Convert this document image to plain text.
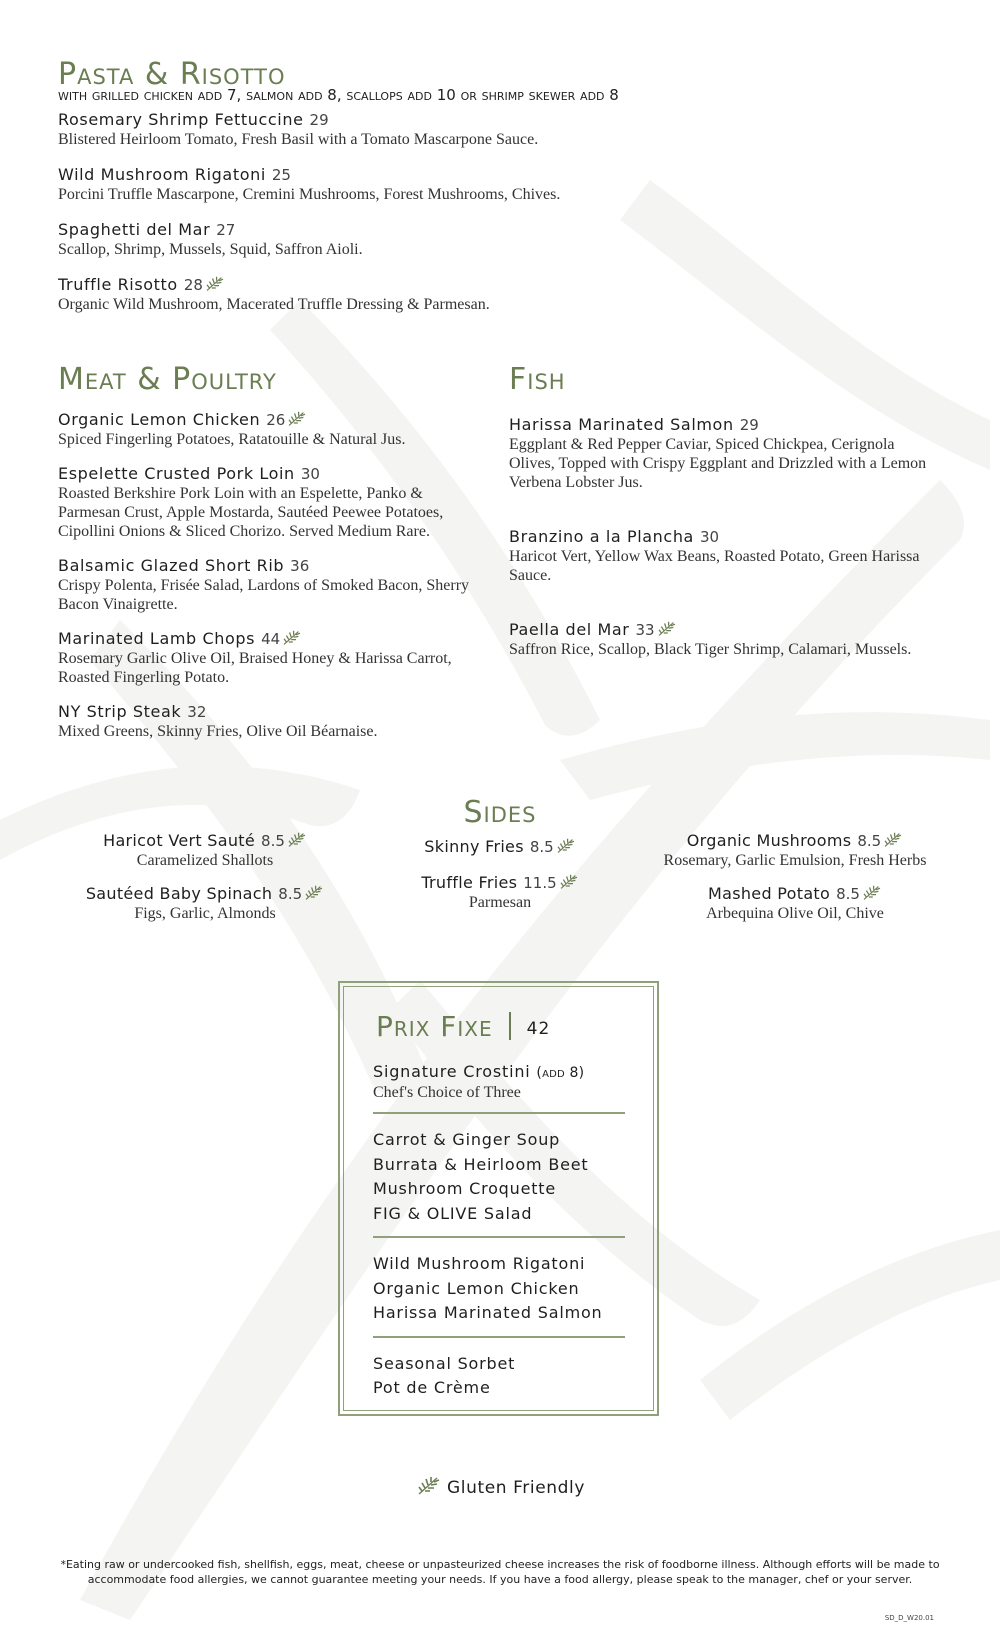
Pasta & Risotto

with grilled chicken add 7, salmon add 8, scallops add 10 or shrimp skewer add 8

Rosemary Shrimp Fettuccine 29
Blistered Heirloom Tomato, Fresh Basil with a Tomato Mascarpone Sauce.
Wild Mushroom Rigatoni 25
Porcini Truffle Mascarpone, Cremini Mushrooms, Forest Mushrooms, Chives.
Spaghetti del Mar 27
Scallop, Shrimp, Mussels, Squid, Saffron Aioli.
Truffle Risotto 28
Organic Wild Mushroom, Macerated Truffle Dressing & Parmesan.
Meat & Poultry
Organic Lemon Chicken 26
Spiced Fingerling Potatoes, Ratatouille & Natural Jus.
Espelette Crusted Pork Loin 30
Roasted Berkshire Pork Loin with an Espelette, Panko & Parmesan Crust, Apple Mostarda, Sautéed Peewee Potatoes, Cipollini Onions & Sliced Chorizo. Served Medium Rare.
Balsamic Glazed Short Rib 36
Crispy Polenta, Frisée Salad, Lardons of Smoked Bacon, Sherry Bacon Vinaigrette.
Marinated Lamb Chops 44
Rosemary Garlic Olive Oil, Braised Honey & Harissa Carrot, Roasted Fingerling Potato.
NY Strip Steak 32
Mixed Greens, Skinny Fries, Olive Oil Béarnaise.
Fish
Harissa Marinated Salmon 29
Eggplant & Red Pepper Caviar, Spiced Chickpea, Cerignola Olives, Topped with Crispy Eggplant and Drizzled with a Lemon Verbena Lobster Jus.
Branzino a la Plancha 30
Haricot Vert, Yellow Wax Beans, Roasted Potato, Green Harissa Sauce.
Paella del Mar 33
Saffron Rice, Scallop, Black Tiger Shrimp, Calamari, Mussels.
Sides
Haricot Vert Sauté 8.5
Caramelized Shallots
Sautéed Baby Spinach 8.5
Figs, Garlic, Almonds
Skinny Fries 8.5
Truffle Fries 11.5
Parmesan
Organic Mushrooms 8.5
Rosemary, Garlic Emulsion, Fresh Herbs
Mashed Potato 8.5
Arbequina Olive Oil, Chive
Prix Fixe 42
Signature Crostini (add 8)
Chef's Choice of Three
Carrot & Ginger Soup
Burrata & Heirloom Beet
Mushroom Croquette
FIG & OLIVE Salad
Wild Mushroom Rigatoni
Organic Lemon Chicken
Harissa Marinated Salmon
Seasonal Sorbet
Pot de Crème
Gluten Friendly
*Eating raw or undercooked fish, shellfish, eggs, meat, cheese or unpasteurized cheese increases the risk of foodborne illness. Although efforts will be made to accommodate food allergies, we cannot guarantee meeting your needs. If you have a food allergy, please speak to the manager, chef or your server.
SD_D_W20.01
